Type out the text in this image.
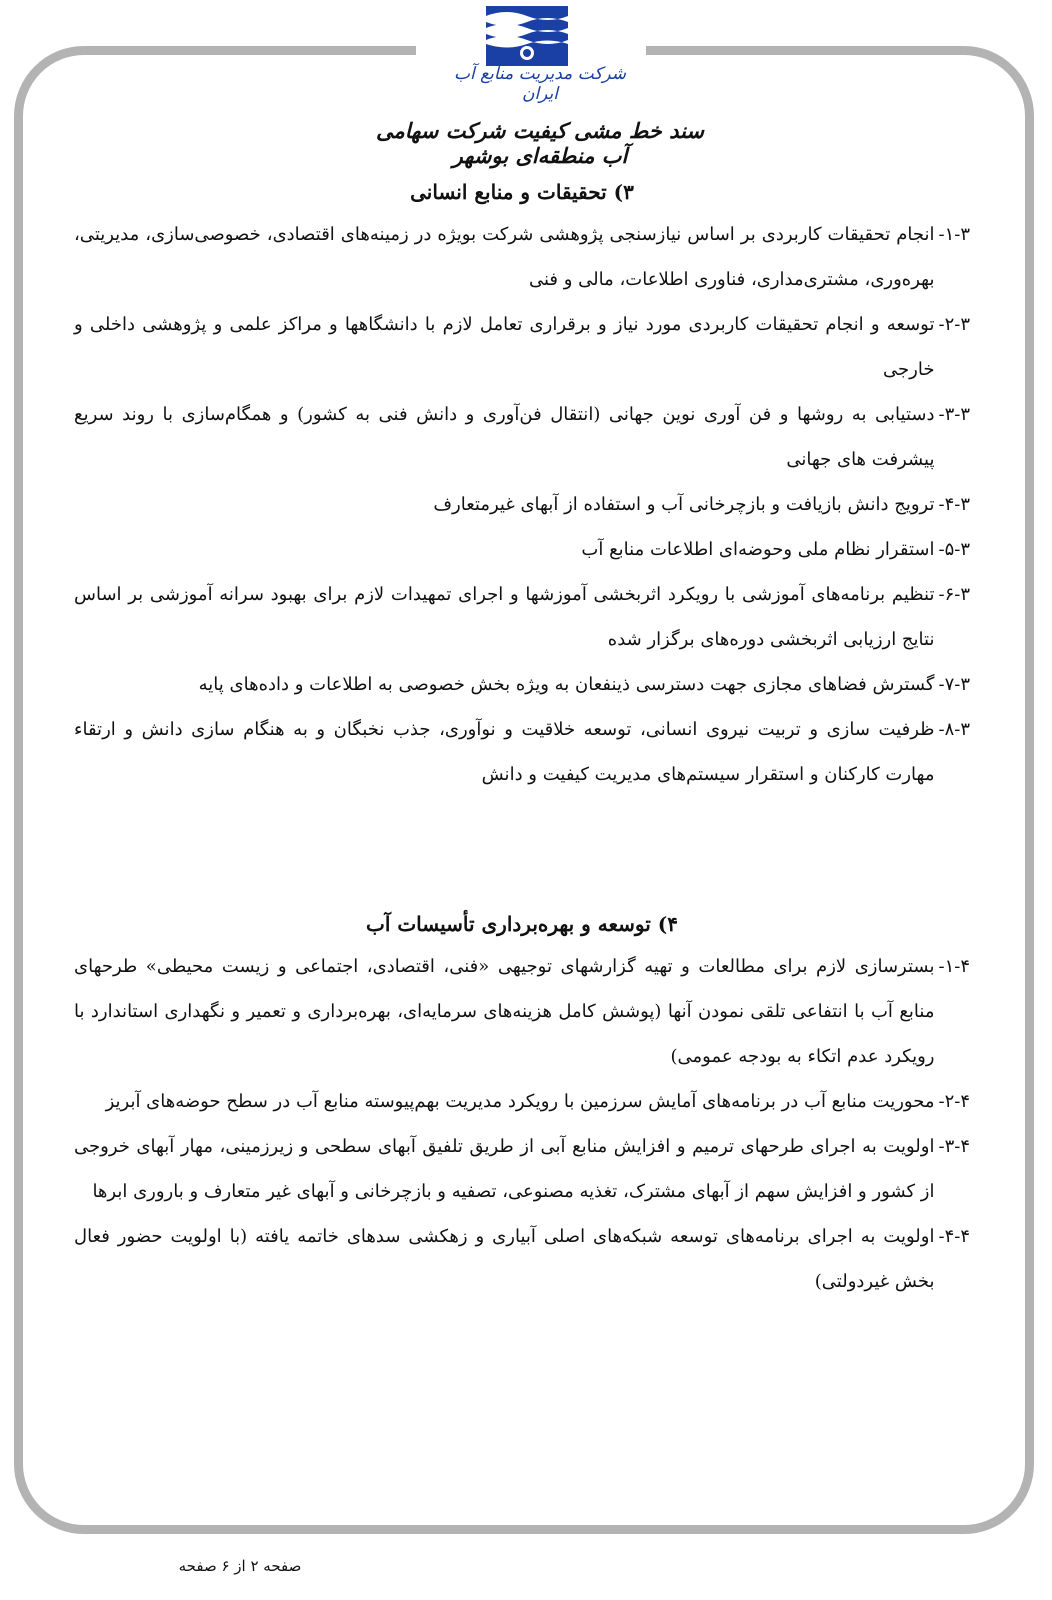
شرکت مدیریت منابع آب ایران
سند خط مشی کیفیت شرکت سهامی آب منطقه‌ای بوشهر
۳) تحقیقات و منابع انسانی
۱-۳-
انجام تحقیقات کاربردی بر اساس نیازسنجی پژوهشی شرکت بویژه در زمینه‌های اقتصادی، خصوصی‌سازی، مدیریتی، بهره‌وری، مشتری‌مداری، فناوری اطلاعات، مالی و فنی
۲-۳-
توسعه و انجام تحقیقات کاربردی مورد نیاز و برقراری تعامل لازم با دانشگاهها و مراکز علمی و پژوهشی داخلی و خارجی
۳-۳-
دستیابی به روشها و فن آوری نوین جهانی (انتقال فن‌آوری و دانش فنی به کشور) و همگام‌سازی با روند سریع پیشرفت های جهانی
۴-۳-
ترویج دانش بازیافت و بازچرخانی آب و استفاده از آبهای غیرمتعارف
۵-۳-
استقرار نظام ملی وحوضه‌ای اطلاعات منابع آب
۶-۳-
تنظیم برنامه‌های آموزشی با رویکرد اثربخشی آموزشها و اجرای تمهیدات لازم برای بهبود سرانه آموزشی بر اساس نتایج ارزیابی اثربخشی دوره‌های برگزار شده
۷-۳-
گسترش فضاهای مجازی جهت دسترسی ذینفعان به ویژه بخش خصوصی به اطلاعات و داده‌های پایه
۸-۳-
ظرفیت سازی و تربیت نیروی انسانی، توسعه خلاقیت و نوآوری، جذب نخبگان و به هنگام سازی دانش و ارتقاء مهارت کارکنان و استقرار سیستم‌های مدیریت کیفیت و دانش
۴) توسعه و بهره‌برداری تأسیسات آب
۱-۴-
بسترسازی لازم برای مطالعات و تهیه گزارشهای توجیهی «فنی، اقتصادی، اجتماعی و زیست محیطی» طرحهای منابع آب با انتفاعی تلقی نمودن آنها (پوشش کامل هزینه‌های سرمایه‌ای، بهره‌برداری و تعمیر و نگهداری استاندارد با رویکرد عدم اتکاء به بودجه عمومی)
۲-۴-
محوریت منابع آب در برنامه‌های آمایش سرزمین با رویکرد مدیریت بهم‌پیوسته منابع آب در سطح حوضه‌های آبریز
۳-۴-
اولویت به اجرای طرحهای ترمیم و افزایش منابع آبی از طریق تلفیق آبهای سطحی و زیرزمینی، مهار آبهای خروجی از کشور و افزایش سهم از آبهای مشترک، تغذیه مصنوعی، تصفیه و بازچرخانی و آبهای غیر متعارف و باروری ابرها
۴-۴-
اولویت به اجرای برنامه‌های توسعه شبکه‌های اصلی آبیاری و زهکشی سدهای خاتمه یافته (با اولویت حضور فعال بخش غیردولتی)
صفحه ۲ از ۶ صفحه
